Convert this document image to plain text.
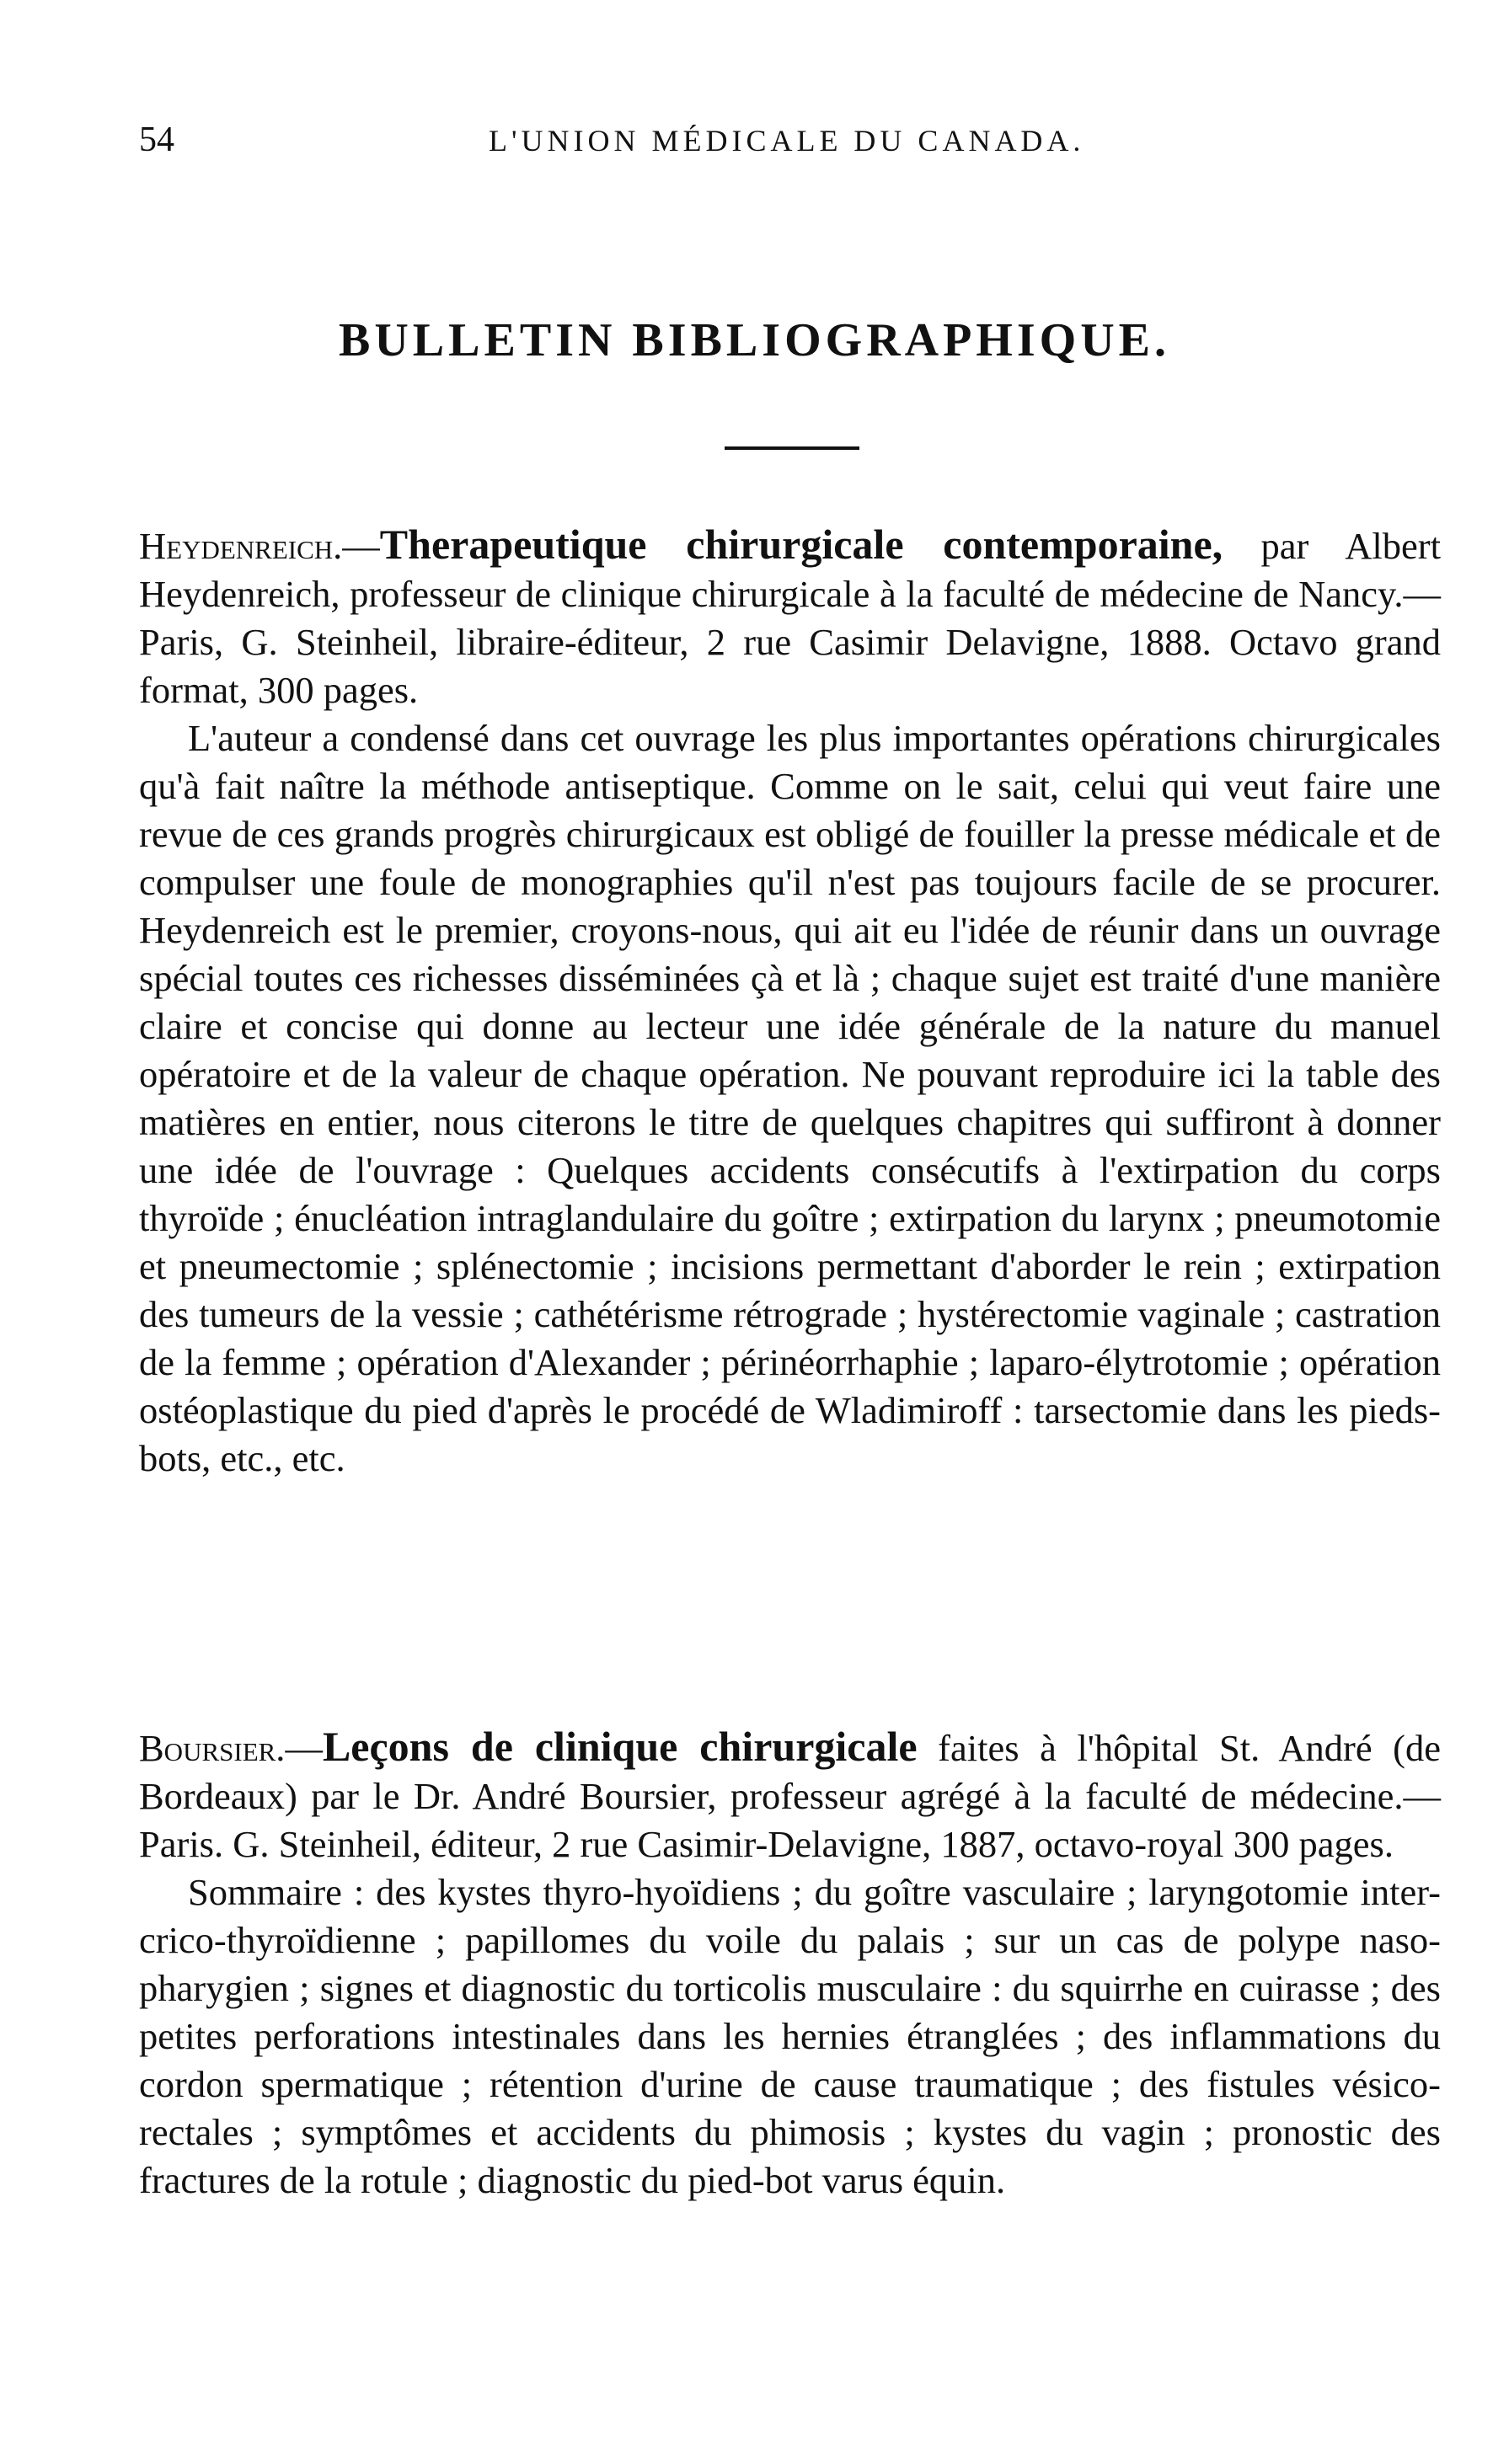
54	L'UNION MÉDICALE DU CANADA.
BULLETIN BIBLIOGRAPHIQUE.

Heydenreich.—Therapeutique chirurgicale contemporaine, par Albert Heydenreich, professeur de clinique chirurgicale à la faculté de médecine de Nancy.—Paris, G. Steinheil, libraire-éditeur, 2 rue Casimir Delavigne, 1888. Octavo grand format, 300 pages.

L'auteur a condensé dans cet ouvrage les plus importantes opérations chirurgicales qu'à fait naître la méthode antiseptique. Comme on le sait, celui qui veut faire une revue de ces grands progrès chirurgicaux est obligé de fouiller la presse médicale et de compulser une foule de monographies qu'il n'est pas toujours facile de se procurer. Heydenreich est le premier, croyons-nous, qui ait eu l'idée de réunir dans un ouvrage spécial toutes ces richesses disséminées çà et là ; chaque sujet est traité d'une manière claire et concise qui donne au lecteur une idée générale de la nature du manuel opératoire et de la valeur de chaque opération. Ne pouvant reproduire ici la table des matières en entier, nous citerons le titre de quelques chapitres qui suffiront à donner une idée de l'ouvrage : Quelques accidents consécutifs à l'extirpation du corps thyroïde ; énucléation intraglandulaire du goître ; extirpation du larynx ; pneumotomie et pneumectomie ; splénectomie ; incisions permettant d'aborder le rein ; extirpation des tumeurs de la vessie ; cathétérisme rétrograde ; hystérectomie vaginale ; castration de la femme ; opération d'Alexander ; périnéorrhaphie ; laparo-élytrotomie ; opération ostéoplastique du pied d'après le procédé de Wladimiroff : tarsectomie dans les pieds-bots, etc., etc.

Boursier.—Leçons de clinique chirurgicale faites à l'hôpital St. André (de Bordeaux) par le Dr. André Boursier, professeur agrégé à la faculté de médecine.—Paris. G. Steinheil, éditeur, 2 rue Casimir-Delavigne, 1887, octavo-royal 300 pages.

Sommaire : des kystes thyro-hyoïdiens ; du goître vasculaire ; laryngotomie inter-crico-thyroïdienne ; papillomes du voile du palais ; sur un cas de polype naso-pharygien ; signes et diagnostic du torticolis musculaire : du squirrhe en cuirasse ; des petites perforations intestinales dans les hernies étranglées ; des inflammations du cordon spermatique ; rétention d'urine de cause traumatique ; des fistules vésico-rectales ; symptômes et accidents du phimosis ; kystes du vagin ; pronostic des fractures de la rotule ; diagnostic du pied-bot varus équin.
